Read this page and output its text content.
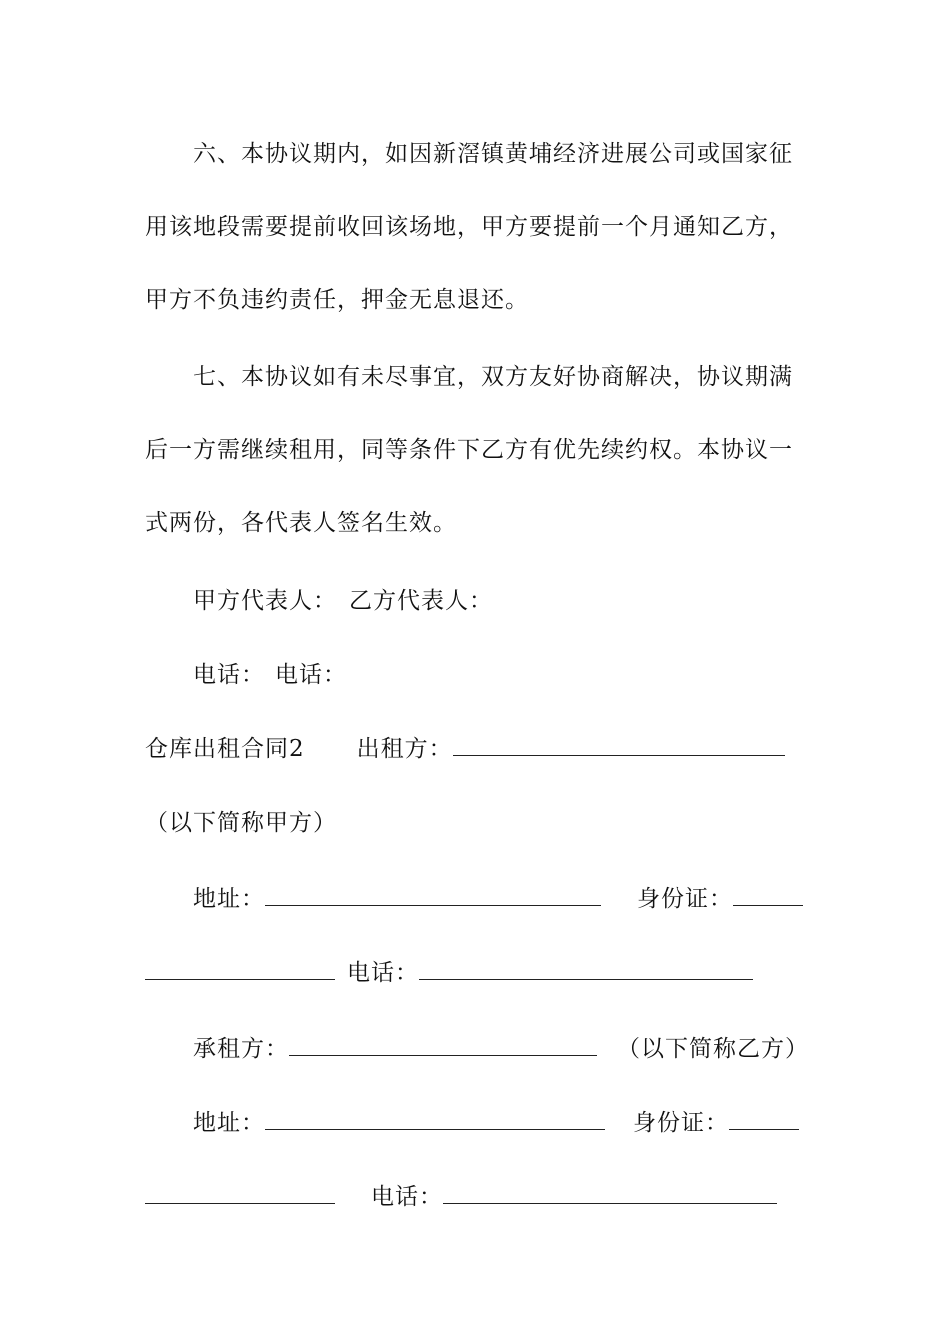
六、本协议期内，如因新滘镇黄埔经济进展公司或国家征
用该地段需要提前收回该场地，甲方要提前一个月通知乙方，
甲方不负违约责任，押金无息退还。
七、本协议如有未尽事宜，双方友好协商解决，协议期满
后一方需继续租用，同等条件下乙方有优先续约权。本协议一
式两份，各代表人签名生效。
甲方代表人： 乙方代表人：
电话： 电话：
仓库出租合同2 出租方：
（以下简称甲方）
地址：	身份证：
电话：
承租方：	（以下简称乙方）
地址：	身份证：
电话：
